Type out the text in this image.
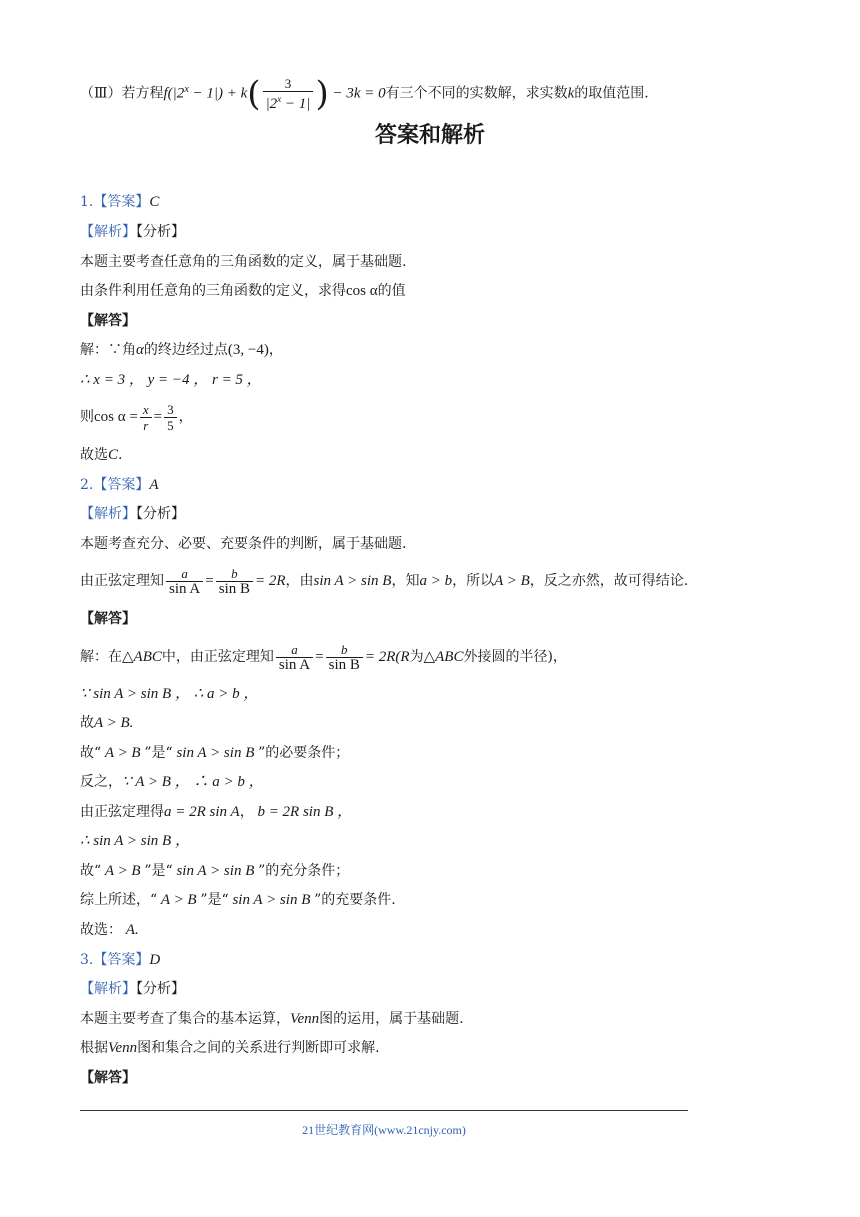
（Ⅲ）若方程$f(|2^x - 1|) + k( \frac{3}{|2^x - 1|}$ ) − 3k = 0有三个不同的实数解，求实数k的取值范围.
答案和解析
1.【答案】C
【解析】【分析】
本题主要考查任意角的三角函数的定义，属于基础题.
由条件利用任意角的三角函数的定义，求得cos α的值
【解答】
解：∵角α的终边经过点(3, −4)，
∴ x = 3 ， y = −4 ， r = 5 ，
则$\cos \alpha = \frac{x}{r} = \frac{3}{5}$ ，
故选C.
2.【答案】A
【解析】【分析】
本题考查充分、必要、充要条件的判断，属于基础题.
由正弦定理知 $\frac{a}{\text{sin A}} = \frac{b}{\text{sin B}} = 2R$，由sin A > sin B，知a > b，所以A > B，反之亦然，故可得结论.
【解答】
解：在△ABC中，由正弦定理知 $\frac{a}{\text{sin A}} = \frac{b}{\text{sin B}} = 2R(R$为△ABC外接圆的半径)，
∵ sin A > sin B ， ∴ a > b ，
故A > B.
故“ A > B ”是“ sin A > sin B ”的必要条件；
反之，∵ A > B ， ∴ a > b ，
由正弦定理得a = 2R sin A， b = 2R sin B ，
∴ sin A > sin B ，
故“ A > B ”是“ sin A > sin B ”的充分条件；
综上所述，“ A > B ”是“ sin A > sin B ”的充要条件.
故选： A.
3.【答案】D
【解析】【分析】
本题主要考查了集合的基本运算，Venn图的运用，属于基础题.
根据Venn图和集合之间的关系进行判断即可求解.
【解答】
21世纪教育网(www.21cnjy.com)
